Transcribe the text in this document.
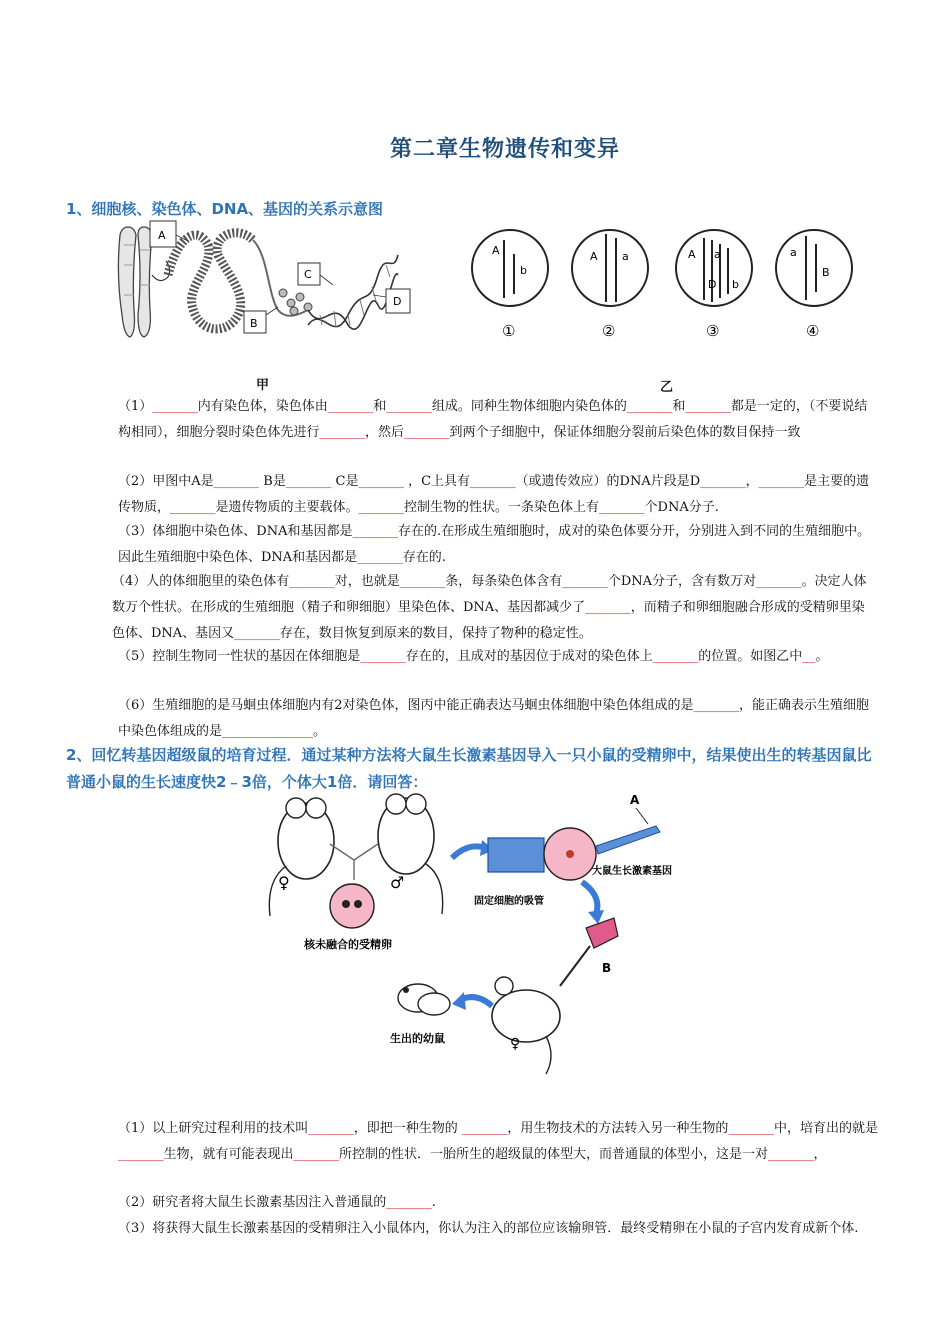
第二章生物遗传和变异
1、细胞核、染色体、DNA、基因的关系示意图
A
B
C
D
A
b
①
A a
②
A a
D b
③
a
B
④
甲	乙
（1）_______内有染色体，染色体由_______和_______组成。同种生物体细胞内染色体的_______和_______都是一定的，（不要说结构相同），细胞分裂时染色体先进行_______，然后_______到两个子细胞中，保证体细胞分裂前后染色体的数目保持一致
（2）甲图中A是_______ B是_______ C是_______ ，C上具有_______（或遗传效应）的DNA片段是D_______，_______是主要的遗传物质，_______是遗传物质的主要载体。_______控制生物的性状。一条染色体上有_______个DNA分子.
（3）体细胞中染色体、DNA和基因都是_______存在的.在形成生殖细胞时，成对的染色体要分开，分别进入到不同的生殖细胞中。因此生殖细胞中染色体、DNA和基因都是_______存在的.
（4）人的体细胞里的染色体有_______对，也就是_______条，每条染色体含有_______个DNA分子，含有数万对_______。决定人体数万个性状。在形成的生殖细胞（精子和卵细胞）里染色体、DNA、基因都减少了_______，而精子和卵细胞融合形成的受精卵里染色体、DNA、基因又_______存在，数目恢复到原来的数目，保持了物种的稳定性。
（5）控制生物同一性状的基因在体细胞是_______存在的，且成对的基因位于成对的染色体上_______的位置。如图乙中__。
（6）生殖细胞的是马蛔虫体细胞内有2对染色体，图丙中能正确表达马蛔虫体细胞中染色体组成的是_______，能正确表示生殖细胞中染色体组成的是______________。
2、回忆转基因超级鼠的培育过程．通过某种方法将大鼠生长激素基因导入一只小鼠的受精卵中，结果使出生的转基因鼠比普通小鼠的生长速度快2﹣3倍，个体大1倍．请回答：
♀	♂
核未融合的受精卵
A
大鼠生长激素基因
固定细胞的吸管
B
♀
生出的幼鼠
（1）以上研究过程利用的技术叫_______，即把一种生物的 _______，用生物技术的方法转入另一种生物的_______中，培育出的就是_______生物，就有可能表现出_______所控制的性状．一胎所生的超级鼠的体型大，而普通鼠的体型小，这是一对_______，
（2）研究者将大鼠生长激素基因注入普通鼠的_______.
（3）将获得大鼠生长激素基因的受精卵注入小鼠体内，你认为注入的部位应该输卵管．最终受精卵在小鼠的子宫内发育成新个体.
